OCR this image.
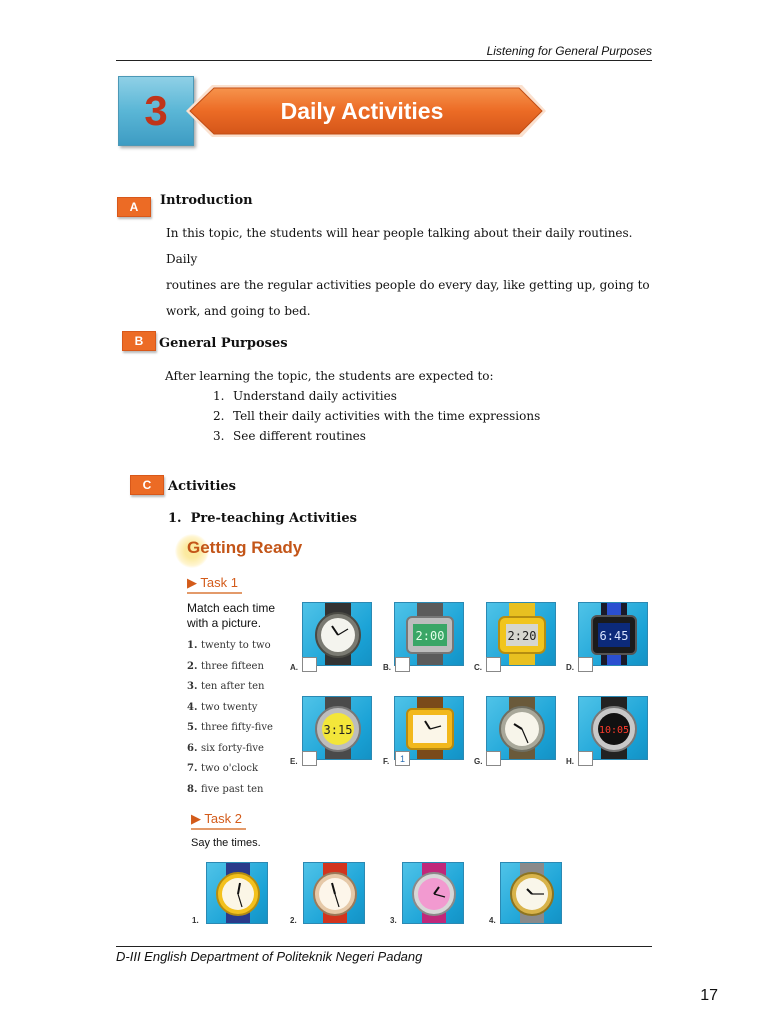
Listening for General Purposes
3	Daily Activities
A	Introduction
In this topic, the students will hear people talking about their daily routines. Daily
routines are the regular activities people do every day, like getting up, going to
work, and going to bed.
B	General Purposes
After learning the topic, the students are expected to:
1. Understand daily activities
2. Tell their daily activities with the time expressions
3. See different routines
C	Activities
1.  Pre-teaching Activities
Getting Ready
▶ Task 1
Match each time
with a picture.
1. twenty to two
2. three fifteen
3. ten after ten
4. two twenty
5. three fifty-five
6. six forty-five
7. two o'clock
8. five past ten
2:00	2:20	6:45
A.	B.	C.	D.
3:15	10:05
E.	F.	1	G.	H.
▶ Task 2
Say the times.
1.	2.	3.	4.
D-III English Department of Politeknik Negeri Padang
17
